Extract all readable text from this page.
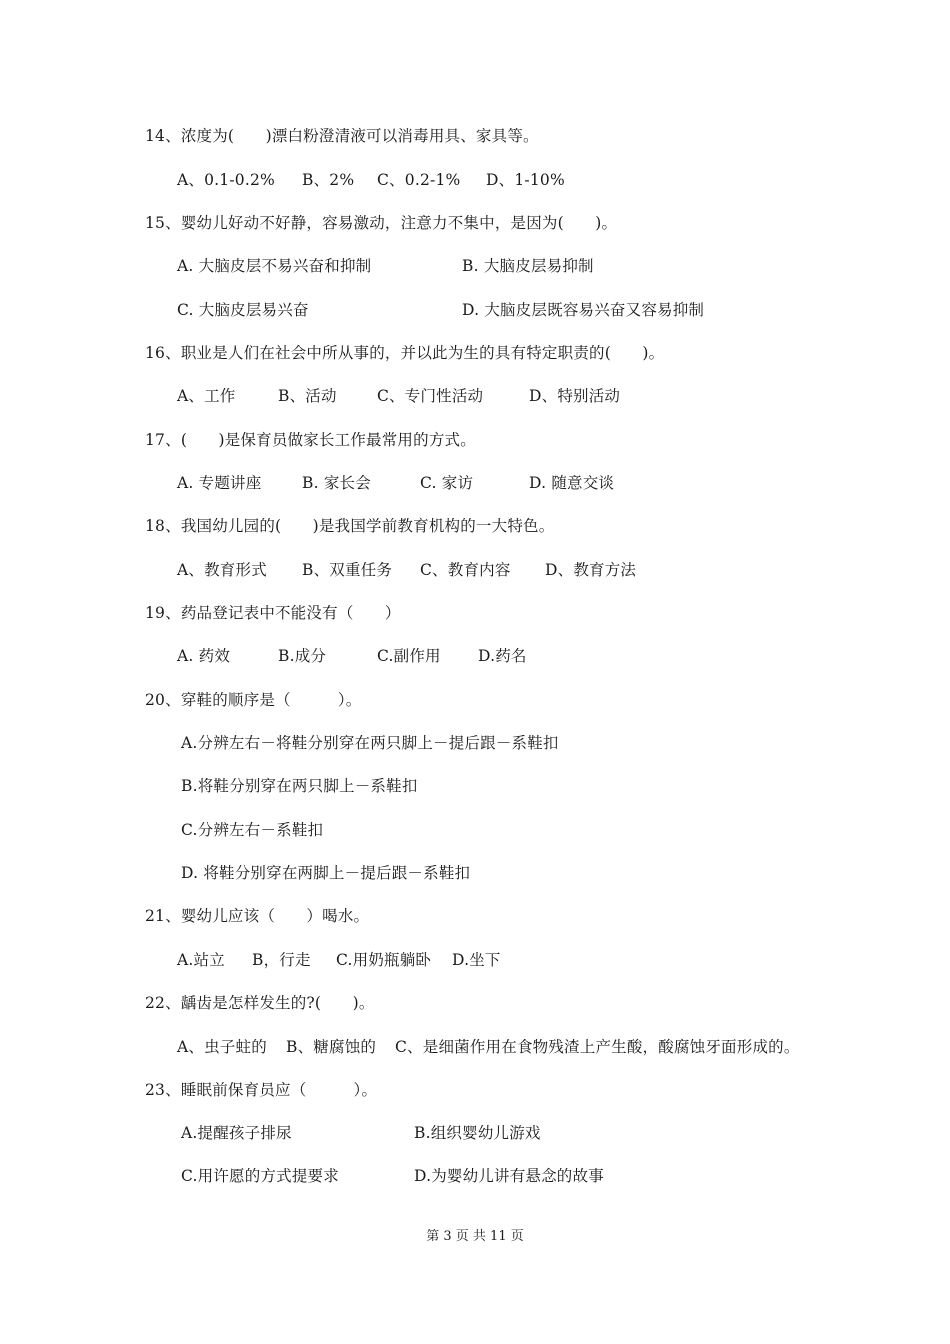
14、浓度为(　　)漂白粉澄清液可以消毒用具、家具等。
A、0.1-0.2% B、2% C、0.2-1% D、1-10%
15、婴幼儿好动不好静，容易激动，注意力不集中，是因为(　　)。
A. 大脑皮层不易兴奋和抑制	B. 大脑皮层易抑制
C. 大脑皮层易兴奋	D. 大脑皮层既容易兴奋又容易抑制
16、职业是人们在社会中所从事的，并以此为生的具有特定职责的(　　)。
A、工作	B、活动	C、专门性活动	D、特别活动
17、(　　)是保育员做家长工作最常用的方式。
A. 专题讲座	B. 家长会	C. 家访	D. 随意交谈
18、我国幼儿园的(　　)是我国学前教育机构的一大特色。
A、教育形式 B、双重任务 C、教育内容 D、教育方法
19、药品登记表中不能没有（　　）
A. 药效	B.成分	C.副作用 D.药名
20、穿鞋的顺序是（　　　）。
A.分辨左右－将鞋分别穿在两只脚上－提后跟－系鞋扣
B.将鞋分别穿在两只脚上－系鞋扣
C.分辨左右－系鞋扣
D. 将鞋分别穿在两脚上－提后跟－系鞋扣
21、婴幼儿应该（　　）喝水。
A.站立 B，行走 C.用奶瓶躺卧 D.坐下
22、龋齿是怎样发生的?(　　)。
A、虫子蛀的 B、糖腐蚀的 C、是细菌作用在食物残渣上产生酸，酸腐蚀牙面形成的。
23、睡眠前保育员应（　　　）。
A.提醒孩子排尿	B.组织婴幼儿游戏
C.用许愿的方式提要求	D.为婴幼儿讲有悬念的故事
第 3 页 共 11 页
